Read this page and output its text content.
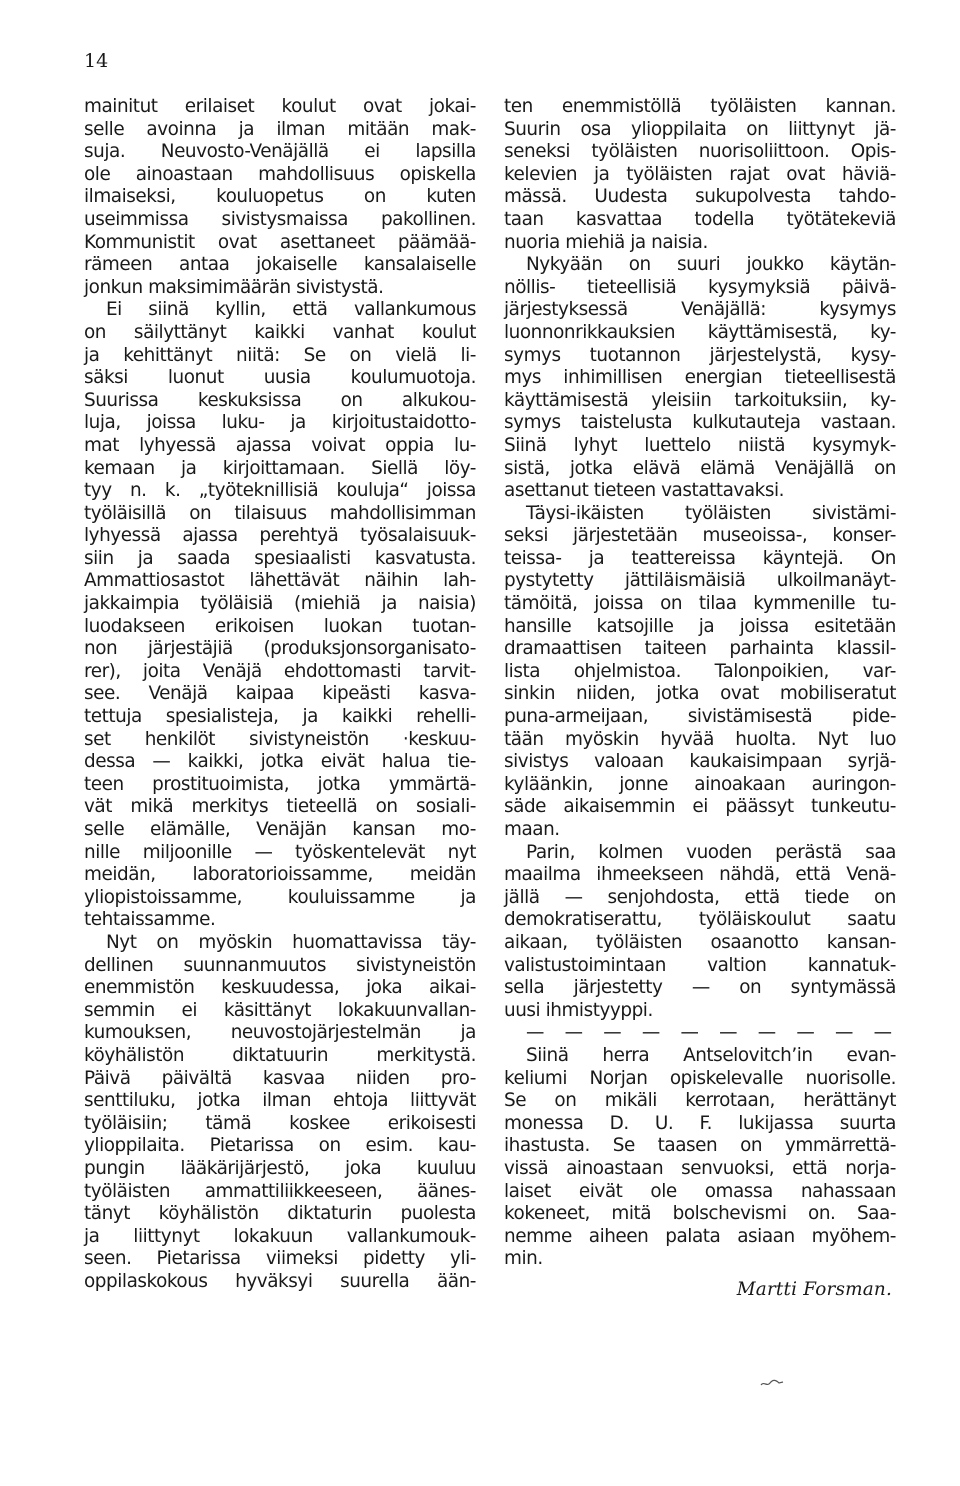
14
mainitut erilaiset koulut ovat jokai-
selle avoinna ja ilman mitään mak-
suja. Neuvosto-Venäjällä ei lapsilla
ole ainoastaan mahdollisuus opiskella
ilmaiseksi, kouluopetus on kuten
useimmissa sivistysmaissa pakollinen.
Kommunistit ovat asettaneet päämää-
rämeen antaa jokaiselle kansalaiselle
jonkun maksimimäärän sivistystä.
Ei siinä kyllin, että vallankumous
on säilyttänyt kaikki vanhat koulut
ja kehittänyt niitä: Se on vielä li-
säksi luonut uusia koulumuotoja.
Suurissa keskuksissa on alkukou-
luja, joissa luku- ja kirjoitustaidotto-
mat lyhyessä ajassa voivat oppia lu-
kemaan ja kirjoittamaan. Siellä löy-
tyy n. k. „työteknillisiä kouluja“ joissa
työläisillä on tilaisuus mahdollisimman
lyhyessä ajassa perehtyä työsalaisuuk-
siin ja saada spesiaalisti kasvatusta.
Ammattiosastot lähettävät näihin lah-
jakkaimpia työläisiä (miehiä ja naisia)
luodakseen erikoisen luokan tuotan-
non järjestäjiä (produksjonsorganisato-
rer), joita Venäjä ehdottomasti tarvit-
see. Venäjä kaipaa kipeästi kasva-
tettuja spesialisteja, ja kaikki rehelli-
set henkilöt sivistyneistön ·keskuu-
dessa — kaikki, jotka eivät halua tie-
teen prostituoimista, jotka ymmärtä-
vät mikä merkitys tieteellä on sosiali-
selle elämälle, Venäjän kansan mo-
nille miljoonille — työskentelevät nyt
meidän, laboratorioissamme, meidän
yliopistoissamme, kouluissamme ja
tehtaissamme.
Nyt on myöskin huomattavissa täy-
dellinen suunnanmuutos sivistyneistön
enemmistön keskuudessa, joka aikai-
semmin ei käsittänyt lokakuunvallan-
kumouksen, neuvostojärjestelmän ja
köyhälistön diktatuurin merkitystä.
Päivä päivältä kasvaa niiden pro-
senttiluku, jotka ilman ehtoja liittyvät
työläisiin; tämä koskee erikoisesti
ylioppilaita. Pietarissa on esim. kau-
pungin lääkärijärjestö, joka kuuluu
työläisten ammattiliikkeeseen, äänes-
tänyt köyhälistön diktaturin puolesta
ja liittynyt lokakuun vallankumouk-
seen. Pietarissa viimeksi pidetty yli-
oppilaskokous hyväksyi suurella ään-
ten enemmistöllä työläisten kannan.
Suurin osa ylioppilaita on liittynyt jä-
seneksi työläisten nuorisoliittoon. Opis-
kelevien ja työläisten rajat ovat häviä-
mässä. Uudesta sukupolvesta tahdo-
taan kasvattaa todella työtätekeviä
nuoria miehiä ja naisia.
Nykyään on suuri joukko käytän-
nöllis- tieteellisiä kysymyksiä päivä-
järjestyksessä Venäjällä: kysymys
luonnonrikkauksien käyttämisestä, ky-
symys tuotannon järjestelystä, kysy-
mys inhimillisen energian tieteellisestä
käyttämisestä yleisiin tarkoituksiin, ky-
symys taistelusta kulkutauteja vastaan.
Siinä lyhyt luettelo niistä kysymyk-
sistä, jotka elävä elämä Venäjällä on
asettanut tieteen vastattavaksi.
Täysi-ikäisten työläisten sivistämi-
seksi järjestetään museoissa-, konser-
teissa- ja teattereissa käyntejä. On
pystytetty jättiläismäisiä ulkoilmanäyt-
tämöitä, joissa on tilaa kymmenille tu-
hansille katsojille ja joissa esitetään
dramaattisen taiteen parhainta klassil-
lista ohjelmistoa. Talonpoikien, var-
sinkin niiden, jotka ovat mobiliseratut
puna-armeijaan, sivistämisestä pide-
tään myöskin hyvää huolta. Nyt luo
sivistys valoaan kaukaisimpaan syrjä-
kyläänkin, jonne ainoakaan auringon-
säde aikaisemmin ei päässyt tunkeutu-
maan.
Parin, kolmen vuoden perästä saa
maailma ihmeekseen nähdä, että Venä-
jällä — senjohdosta, että tiede on
demokratiserattu, työläiskoulut saatu
aikaan, työläisten osaanotto kansan-
valistustoimintaan valtion kannatuk-
sella järjestetty — on syntymässä
uusi ihmistyyppi.
— — — — — — — — — —
Siinä herra Antselovitch’in evan-
keliumi Norjan opiskelevalle nuorisolle.
Se on mikäli kerrotaan, herättänyt
monessa D. U. F. lukijassa suurta
ihastusta. Se taasen on ymmärrettä-
vissä ainoastaan senvuoksi, että norja-
laiset eivät ole omassa nahassaan
kokeneet, mitä bolschevismi on. Saa-
nemme aiheen palata asiaan myöhem-
min.
Martti Forsman.
